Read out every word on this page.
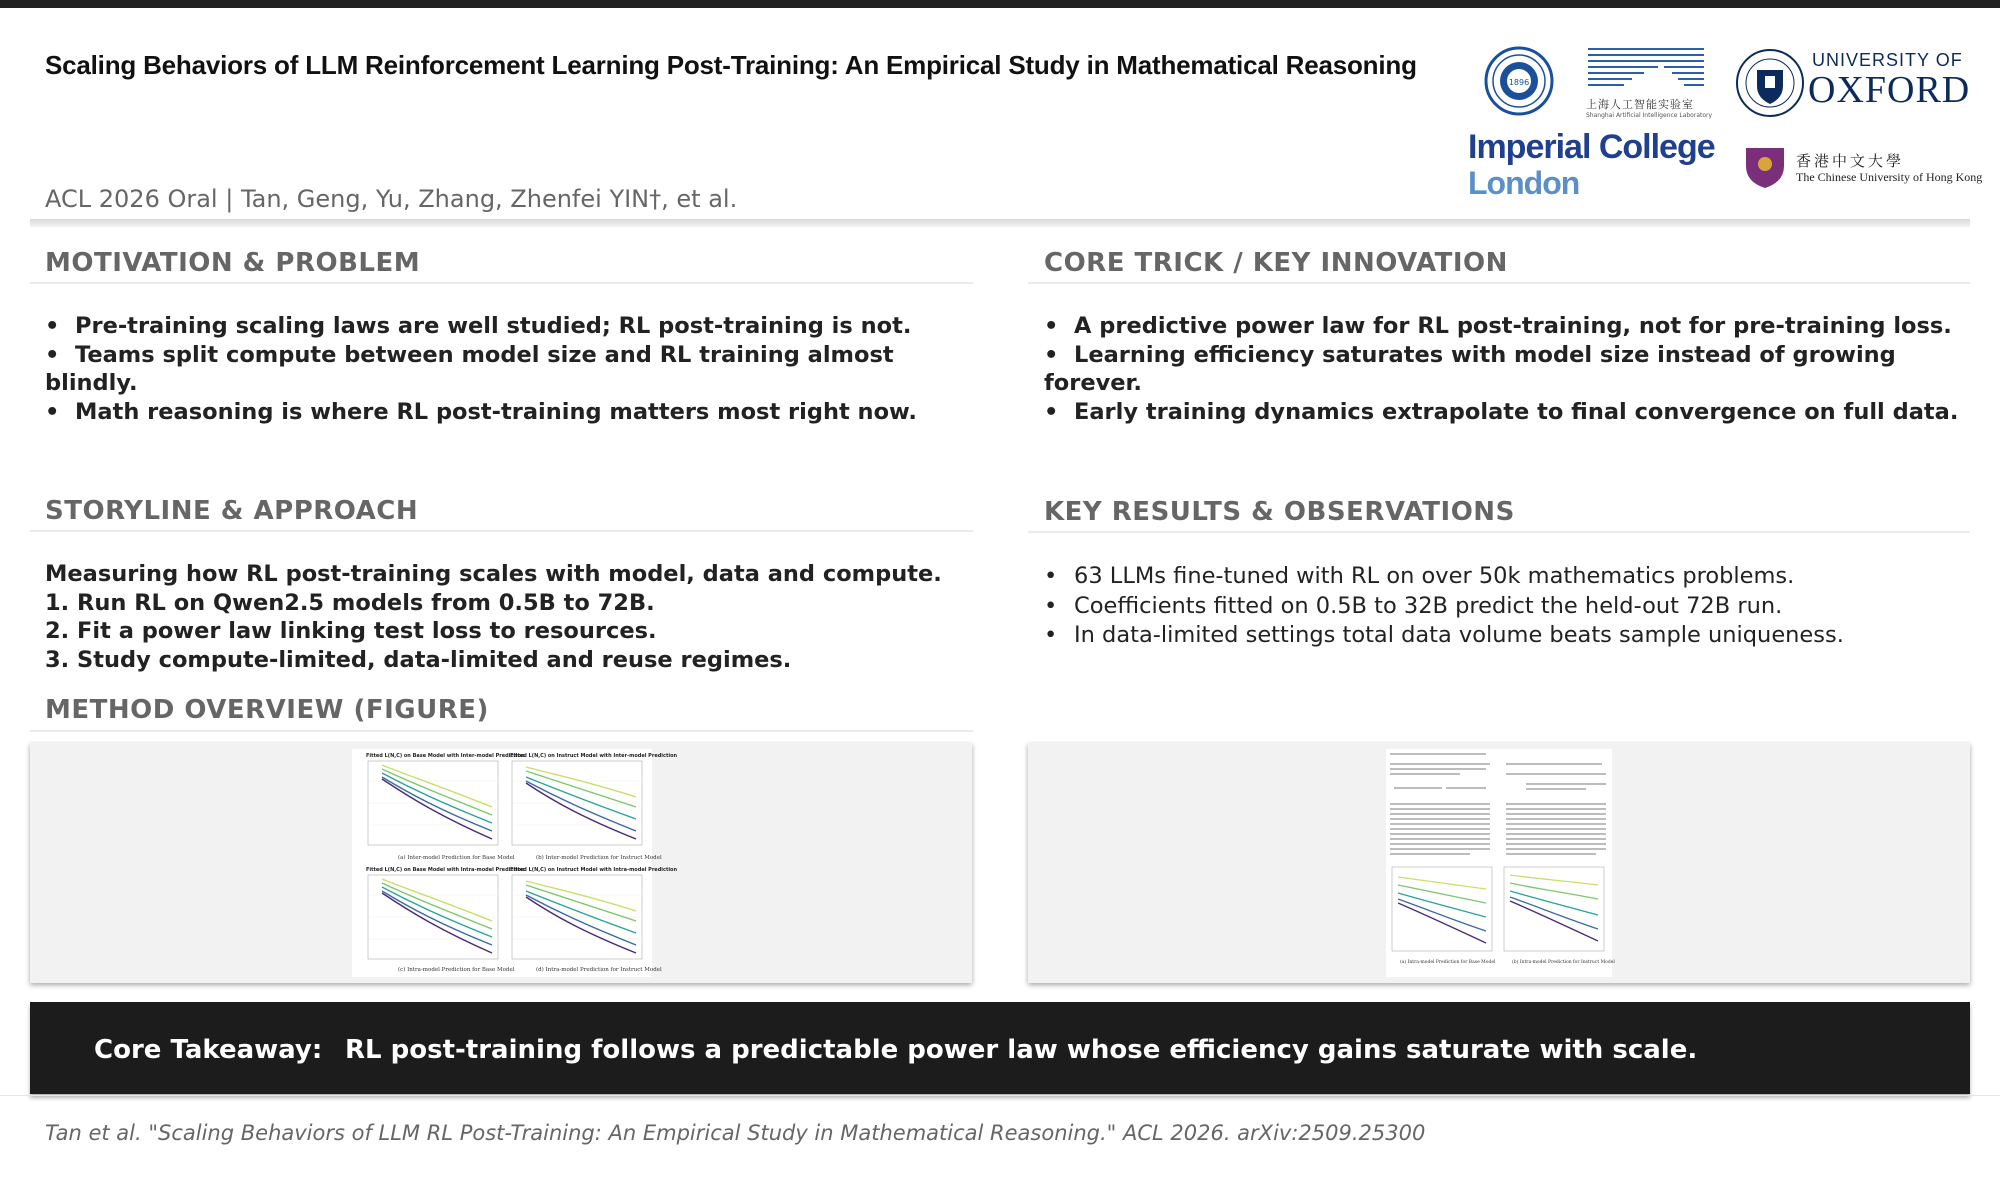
Scaling Behaviors of LLM Reinforcement Learning Post-Training: An Empirical Study in Mathematical Reasoning
ACL 2026 Oral | Tan, Geng, Yu, Zhang, Zhenfei YIN†, et al.
1896
上海人工智能实验室
Shanghai Artificial Intelligence Laboratory
UNIVERSITY OF
OXFORD
Imperial College
London
香港中文大學
The Chinese University of Hong Kong
MOTIVATION & PROBLEM
• Pre-training scaling laws are well studied; RL post-training is not.
• Teams split compute between model size and RL training almost blindly.
• Math reasoning is where RL post-training matters most right now.
CORE TRICK / KEY INNOVATION
• A predictive power law for RL post-training, not for pre-training loss.
• Learning efficiency saturates with model size instead of growing forever.
• Early training dynamics extrapolate to final convergence on full data.
STORYLINE & APPROACH
Measuring how RL post-training scales with model, data and compute.
1. Run RL on Qwen2.5 models from 0.5B to 72B.
2. Fit a power law linking test loss to resources.
3. Study compute-limited, data-limited and reuse regimes.
KEY RESULTS & OBSERVATIONS
• 63 LLMs fine-tuned with RL on over 50k mathematics problems.
• Coefficients fitted on 0.5B to 32B predict the held-out 72B run.
• In data-limited settings total data volume beats sample uniqueness.
METHOD OVERVIEW (FIGURE)
Fitted L(N,C) on Base Model with Inter-model Prediction
(a) Inter-model Prediction for Base Model
Fitted L(N,C) on Instruct Model with Inter-model Prediction
(b) Inter-model Prediction for Instruct Model
Fitted L(N,C) on Base Model with Intra-model Prediction
(c) Intra-model Prediction for Base Model
Fitted L(N,C) on Instruct Model with Intra-model Prediction
(d) Intra-model Prediction for Instruct Model
(a) Intra-model Prediction for Base Model	(b) Intra-model Prediction for Instruct Model
Core Takeaway: RL post-training follows a predictable power law whose efficiency gains saturate with scale.
Tan et al. "Scaling Behaviors of LLM RL Post-Training: An Empirical Study in Mathematical Reasoning." ACL 2026. arXiv:2509.25300
